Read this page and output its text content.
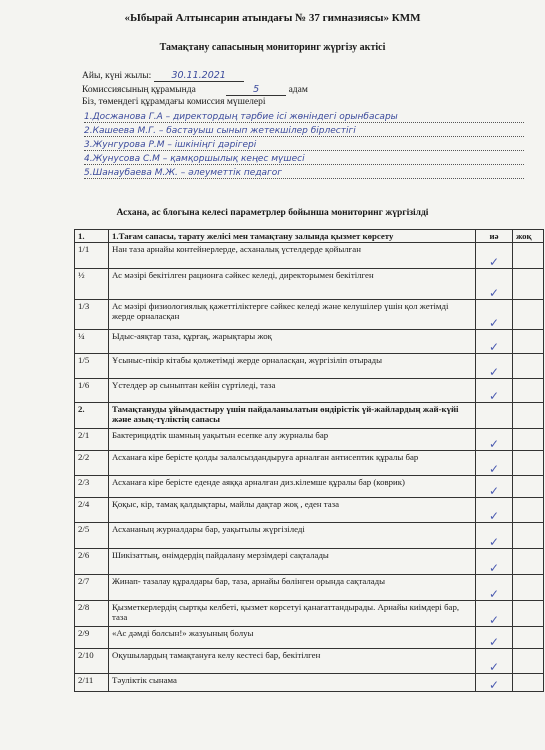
«Ыбырай Алтынсарин атындағы № 37 гимназиясы» КММ
Тамақтану сапасының мониторинг жүргізу актісі
Айы, күні жылы: 30.11.2021
Комиссиясының құрамында	5	адам
Біз, төмендегі құрамдағы комиссия мүшелері
1.Досжанова Г.А – директордың тәрбие ісі жөніндегі орынбасары
2.Кашеева М.Г. – бастауыш сынып жетекшілер бірлестігі
3.Жунгурова Р.М – ішкініңгі дәрігері
4.Жунусова С.М – қамқоршылық кеңес мүшесі
5.Шанаубаева М.Ж. – әлеуметтік педагог
Асхана, ас блогына келесі параметрлер бойынша мониторинг жүргізілді
1.	1.Тағам сапасы, тарату желісі мен тамақтану залында қызмет көрсету	иә	жоқ
1/1	Нан таза арнайы контейнерлерде, асханалық үстелдерде қойылған	✓	
½	Ас мәзірі бекітілген рационға сәйкес келеді, директорымен бекітілген	✓	
1/3	Ас мәзірі физиологиялық қажеттіліктерге сәйкес келеді және келушілер үшін қол жетімді жерде орналасқан	✓	
¼	Ыдыс-аяқтар таза, құрғақ, жарықтары жоқ	✓	
1/5	Ұсыныс-пікір кітабы қолжетімді жерде орналасқан, жүргізіліп отырады	✓	
1/6	Үстелдер әр сыныптан кейін сүртіледі, таза	✓	
2.	Тамақтануды ұйымдастыру үшін пайдаланылатын өндірістік үй-жайлардың жай-күйі және азық-түліктің сапасы		
2/1	Бактерицидтік шамның уақытын есепке алу журналы бар	✓	
2/2	Асханаға кіре берісте қолды залалсыздандыруға арналған антисептик құралы бар	✓	
2/3	Асханаға кіре берісте еденде аяққа арналған диз.кілемше құралы бар (коврик)	✓	
2/4	Қоқыс, кір, тамақ қалдықтары, майлы дақтар жоқ , еден таза	✓	
2/5	Асхананың журналдары бар, уақытылы жүргізіледі	✓	
2/6	Шикізаттың, өнімдердің пайдалану мерзімдері сақталады	✓	
2/7	Жинап- тазалау құралдары бар, таза, арнайы бөлінген орында сақталады	✓	
2/8	Қызметкерлердің сыртқы келбеті, қызмет көрсетуі қанағаттандырады. Арнайы киімдері бар, таза	✓	
2/9	«Ас дәмді болсын!» жазуының болуы	✓	
2/10	Оқушылардың тамақтануға келу кестесі бар, бекітілген	✓	
2/11	Тәуліктік сынама	✓	
